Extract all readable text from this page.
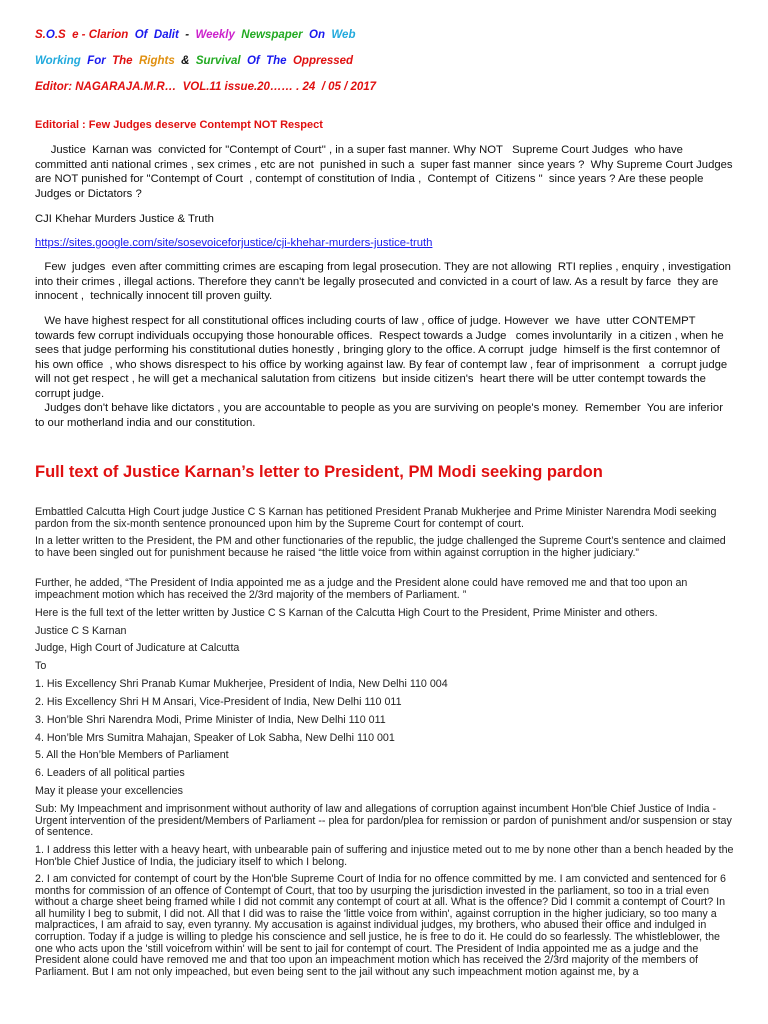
S.O.S  e - Clarion  Of  Dalit  -  Weekly  Newspaper  On  Web
Working  For  The  Rights  &  Survival  Of  The  Oppressed
Editor: NAGARAJA.M.R…  VOL.11 issue.20…… . 24  / 05 / 2017
Editorial : Few Judges deserve Contempt NOT Respect
Justice  Karnan was  convicted for "Contempt of Court'' , in a super fast manner. Why NOT   Supreme Court Judges  who have committed anti national crimes , sex crimes , etc are not  punished in such a  super fast manner  since years ?  Why Supreme Court Judges are NOT punished for "Contempt of Court  , contempt of constitution of India ,  Contempt of  Citizens "  since years ? Are these people Judges or Dictators ?
CJI Khehar Murders Justice & Truth
https://sites.google.com/site/sosevoiceforjustice/cji-khehar-murders-justice-truth
Few  judges  even after committing crimes are escaping from legal prosecution. They are not allowing  RTI replies , enquiry , investigation into their crimes , illegal actions. Therefore they cann't be legally prosecuted and convicted in a court of law. As a result by farce  they are innocent ,  technically innocent till proven guilty.
We have highest respect for all constitutional offices including courts of law , office of judge. However  we  have  utter CONTEMPT towards few corrupt individuals occupying those honourable offices.  Respect towards a Judge   comes involuntarily  in a citizen , when he sees that judge performing his constitutional duties honestly , bringing glory to the office. A corrupt  judge  himself is the first contemnor of his own office  , who shows disrespect to his office by working against law. By fear of contempt law , fear of imprisonment   a  corrupt judge will not get respect , he will get a mechanical salutation from citizens  but inside citizen's  heart there will be utter contempt towards the corrupt judge.
Judges don't behave like dictators , you are accountable to people as you are surviving on people's money.  Remember  You are inferior to our motherland india and our constitution.
Full text of Justice Karnan’s letter to President, PM Modi seeking pardon
Embattled Calcutta High Court judge Justice C S Karnan has petitioned President Pranab Mukherjee and Prime Minister Narendra Modi seeking pardon from the six-month sentence pronounced upon him by the Supreme Court for contempt of court.
In a letter written to the President, the PM and other functionaries of the republic, the judge challenged the Supreme Court’s sentence and claimed to have been singled out for punishment because he raised “the little voice from within against corruption in the higher judiciary.”
Further, he added, “The President of India appointed me as a judge and the President alone could have removed me and that too upon an impeachment motion which has received the 2/3rd majority of the members of Parliament. ”
Here is the full text of the letter written by Justice C S Karnan of the Calcutta High Court to the President, Prime Minister and others.
Justice C S Karnan
Judge, High Court of Judicature at Calcutta
To
1. His Excellency Shri Pranab Kumar Mukherjee, President of India, New Delhi 110 004
2. His Excellency Shri H M Ansari, Vice-President of India, New Delhi 110 011
3. Hon’ble Shri Narendra Modi, Prime Minister of India, New Delhi 110 011
4. Hon’ble Mrs Sumitra Mahajan, Speaker of Lok Sabha, New Delhi 110 001
5. All the Hon’ble Members of Parliament
6. Leaders of all political parties
May it please your excellencies
Sub: My Impeachment and imprisonment without authority of law and allegations of corruption against incumbent Hon'ble Chief Justice of India - Urgent intervention of the president/Members of Parliament -- plea for pardon/plea for remission or pardon of punishment and/or suspension or stay of sentence.
1. I address this letter with a heavy heart, with unbearable pain of suffering and injustice meted out to me by none other than a bench headed by the Hon'ble Chief Justice of India, the judiciary itself to which I belong.
2. I am convicted for contempt of court by the Hon'ble Supreme Court of India for no offence committed by me. I am convicted and sentenced for 6 months for commission of an offence of Contempt of Court, that too by usurping the jurisdiction invested in the parliament, so too in a trial even without a charge sheet being framed while I did not commit any contempt of court at all. What is the offence? Did I commit a contempt of Court? In all humility I beg to submit, I did not. All that I did was to raise the 'little voice from within', against corruption in the higher judiciary, so too many a malpractices, I am afraid to say, even tyranny. My accusation is against individual judges, my brothers, who abused their office and indulged in corruption. Today if a judge is willing to pledge his conscience and sell justice, he is free to do it. He could do so fearlessly. The whistleblower, the one who acts upon the 'still voicefrom within' will be sent to jail for contempt of court. The President of India appointed me as a judge and the President alone could have removed me and that too upon an impeachment motion which has received the 2/3rd majority of the members of Parliament. But I am not only impeached, but even being sent to the jail without any such impeachment motion against me, by a
